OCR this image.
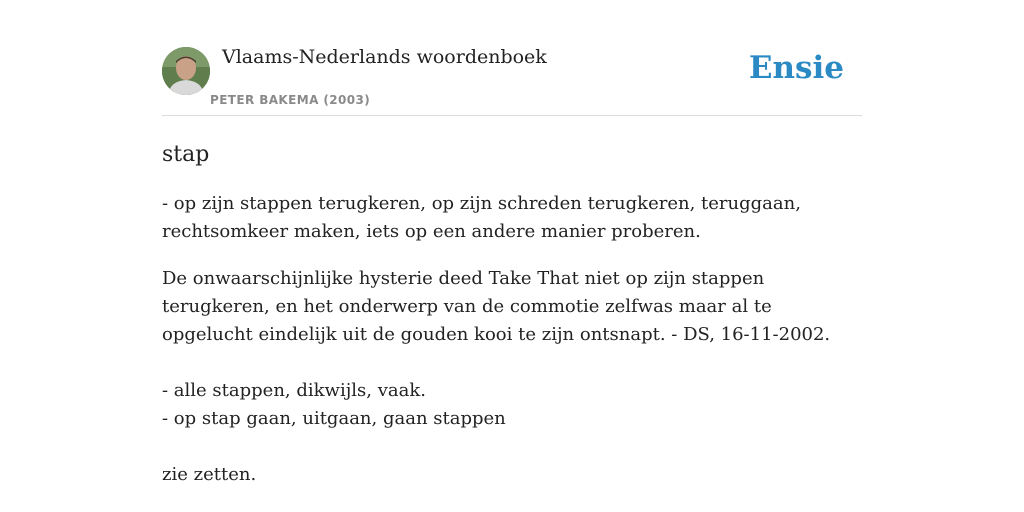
Vlaams-Nederlands woordenboek
PETER BAKEMA (2003)
Ensie
stap

- op zijn stappen terugkeren, op zijn schreden terugkeren, teruggaan, rechtsomkeer maken, iets op een andere manier proberen.

De onwaarschijnlijke hysterie deed Take That niet op zijn stappen terugkeren, en het onderwerp van de commotie zelfwas maar al te opgelucht eindelijk uit de gouden kooi te zijn ontsnapt. - DS, 16-11-2002.
- alle stappen, dikwijls, vaak.
- op stap gaan, uitgaan, gaan stappen
zie zetten.
